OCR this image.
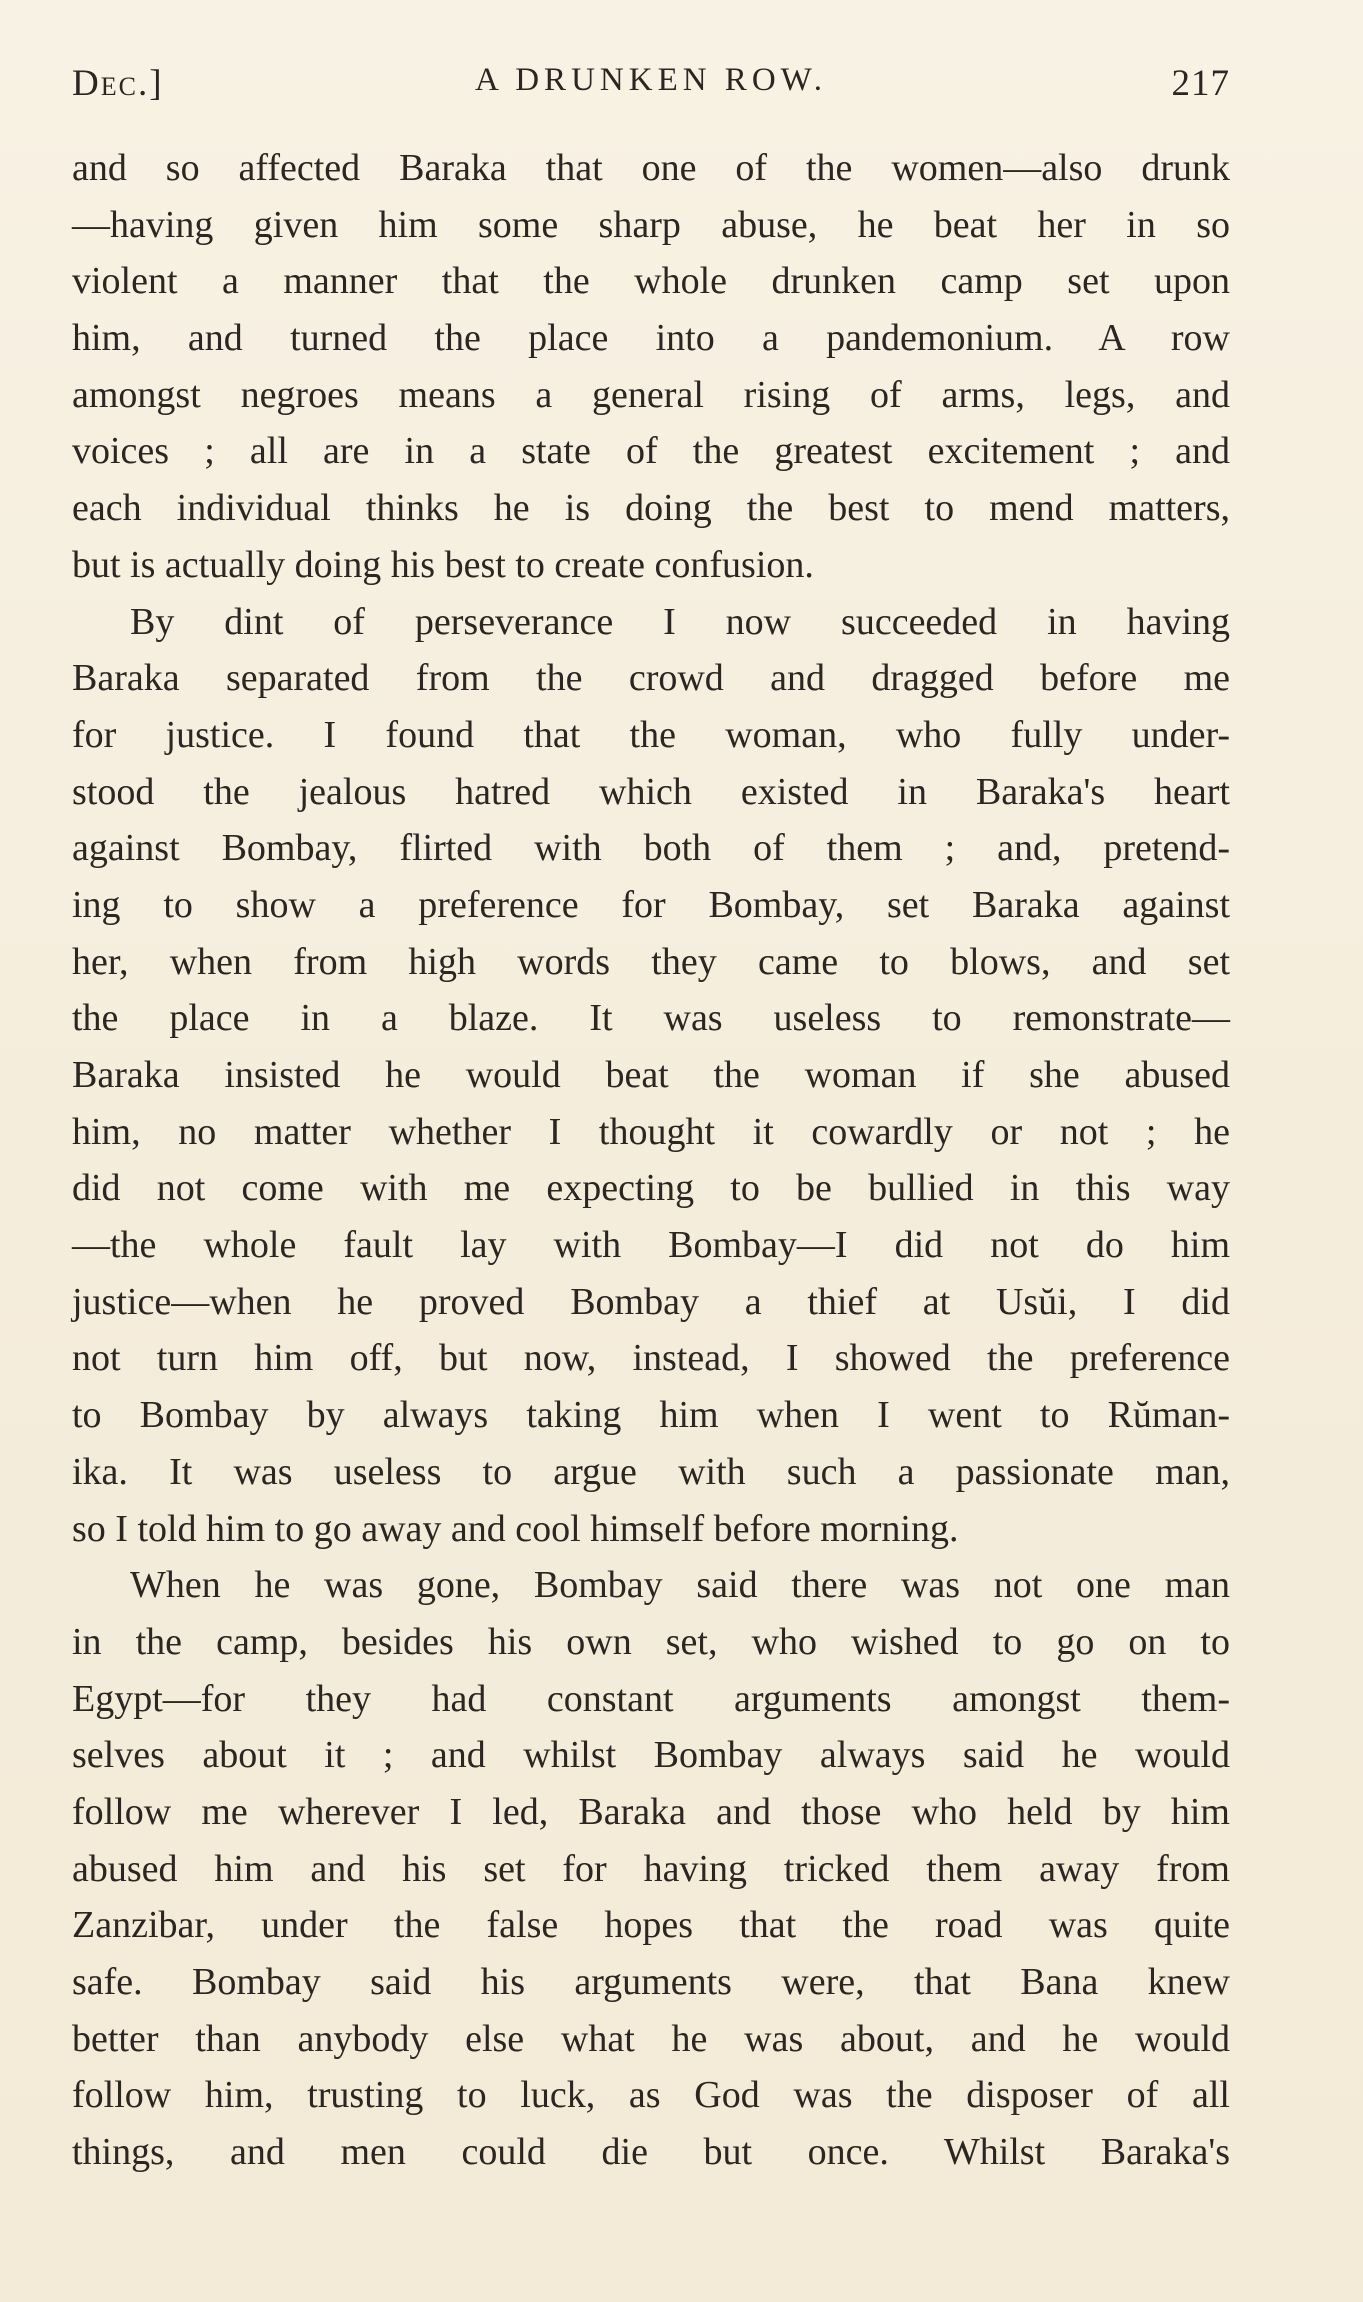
Dec.]	A DRUNKEN ROW.	217
and so affected Baraka that one of the women—also drunk
—having given him some sharp abuse, he beat her in so
violent a manner that the whole drunken camp set upon
him, and turned the place into a pandemonium. A row
amongst negroes means a general rising of arms, legs, and
voices ; all are in a state of the greatest excitement ; and
each individual thinks he is doing the best to mend matters,
but is actually doing his best to create confusion.
By dint of perseverance I now succeeded in having
Baraka separated from the crowd and dragged before me
for justice. I found that the woman, who fully under-
stood the jealous hatred which existed in Baraka's heart
against Bombay, flirted with both of them ; and, pretend-
ing to show a preference for Bombay, set Baraka against
her, when from high words they came to blows, and set
the place in a blaze. It was useless to remonstrate—
Baraka insisted he would beat the woman if she abused
him, no matter whether I thought it cowardly or not ; he
did not come with me expecting to be bullied in this way
—the whole fault lay with Bombay—I did not do him
justice—when he proved Bombay a thief at Usŭi, I did
not turn him off, but now, instead, I showed the preference
to Bombay by always taking him when I went to Rŭman-
ika. It was useless to argue with such a passionate man,
so I told him to go away and cool himself before morning.
When he was gone, Bombay said there was not one man
in the camp, besides his own set, who wished to go on to
Egypt—for they had constant arguments amongst them-
selves about it ; and whilst Bombay always said he would
follow me wherever I led, Baraka and those who held by him
abused him and his set for having tricked them away from
Zanzibar, under the false hopes that the road was quite
safe. Bombay said his arguments were, that Bana knew
better than anybody else what he was about, and he would
follow him, trusting to luck, as God was the disposer of all
things, and men could die but once. Whilst Baraka's
